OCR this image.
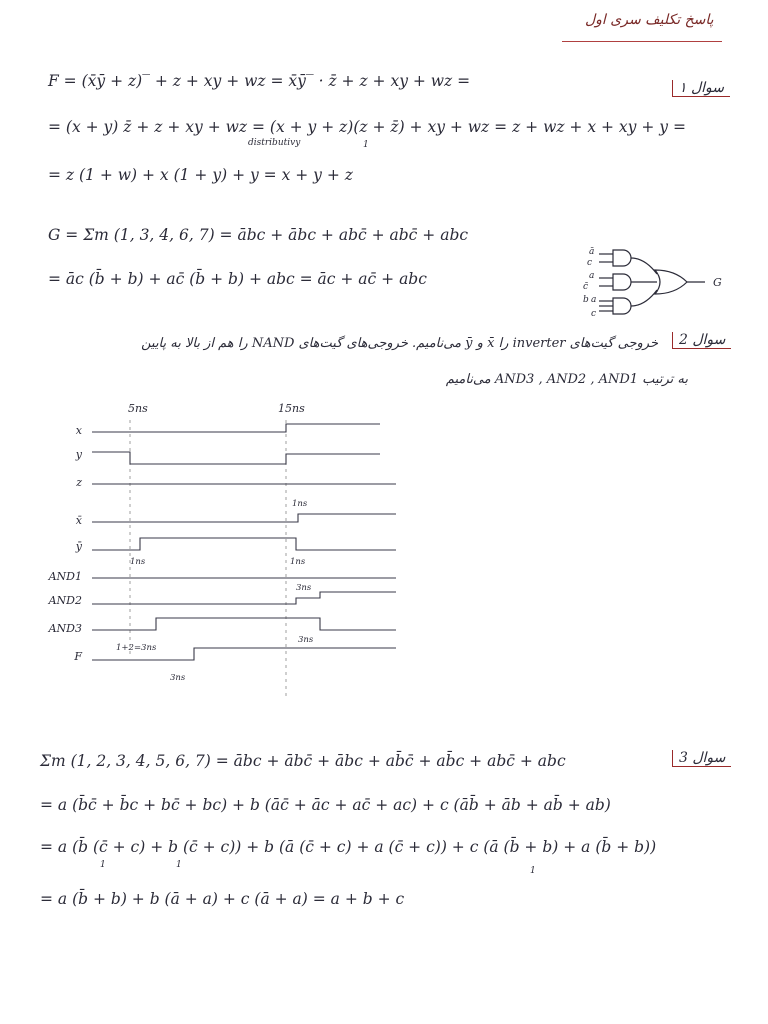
پاسخ تکلیف سری اول
سوال ۱
F = (x̄ȳ + z)‾ + z + xy + wz = x̄ȳ‾ · z̄ + z + xy + wz =
= (x + y) z̄ + z + xy + wz = (x + y + z)(z + z̄) + xy + wz = z + wz + x + xy + y =
distributivy	1
= z (1 + w) + x (1 + y) + y = x + y + z
G = Σm (1, 3, 4, 6, 7) = ābc + ābc + abc̄ + abc̄ + abc
= āc (b̄ + b) + ac̄ (b̄ + b) + abc = āc + ac̄ + abc
ā
c
a
c̄
b a
c
G
سوال 2
خروجی گیت‌های inverter را x̄ و ȳ می‌نامیم. خروجی‌های گیت‌های NAND را هم از بالا به پایین
به ترتیب AND3 , AND2 , AND1 می‌نامیم
5ns	15ns
x
y
z
x̄
ȳ
AND1
AND2
AND3
F
1ns
1ns
1ns
3ns
3ns
1+2=3ns
3ns
سوال 3
Σm (1, 2, 3, 4, 5, 6, 7) = ābc + ābc̄ + ābc + ab̄c̄ + ab̄c + abc̄ + abc
= a (b̄c̄ + b̄c + bc̄ + bc) + b (āc̄ + āc + ac̄ + ac) + c (āb̄ + āb + ab̄ + ab)
= a (b̄ (c̄ + c) + b (c̄ + c)) + b (ā (c̄ + c) + a (c̄ + c)) + c (ā (b̄ + b) + a (b̄ + b))
1	1
1
= a (b̄ + b) + b (ā + a) + c (ā + a) = a + b + c
